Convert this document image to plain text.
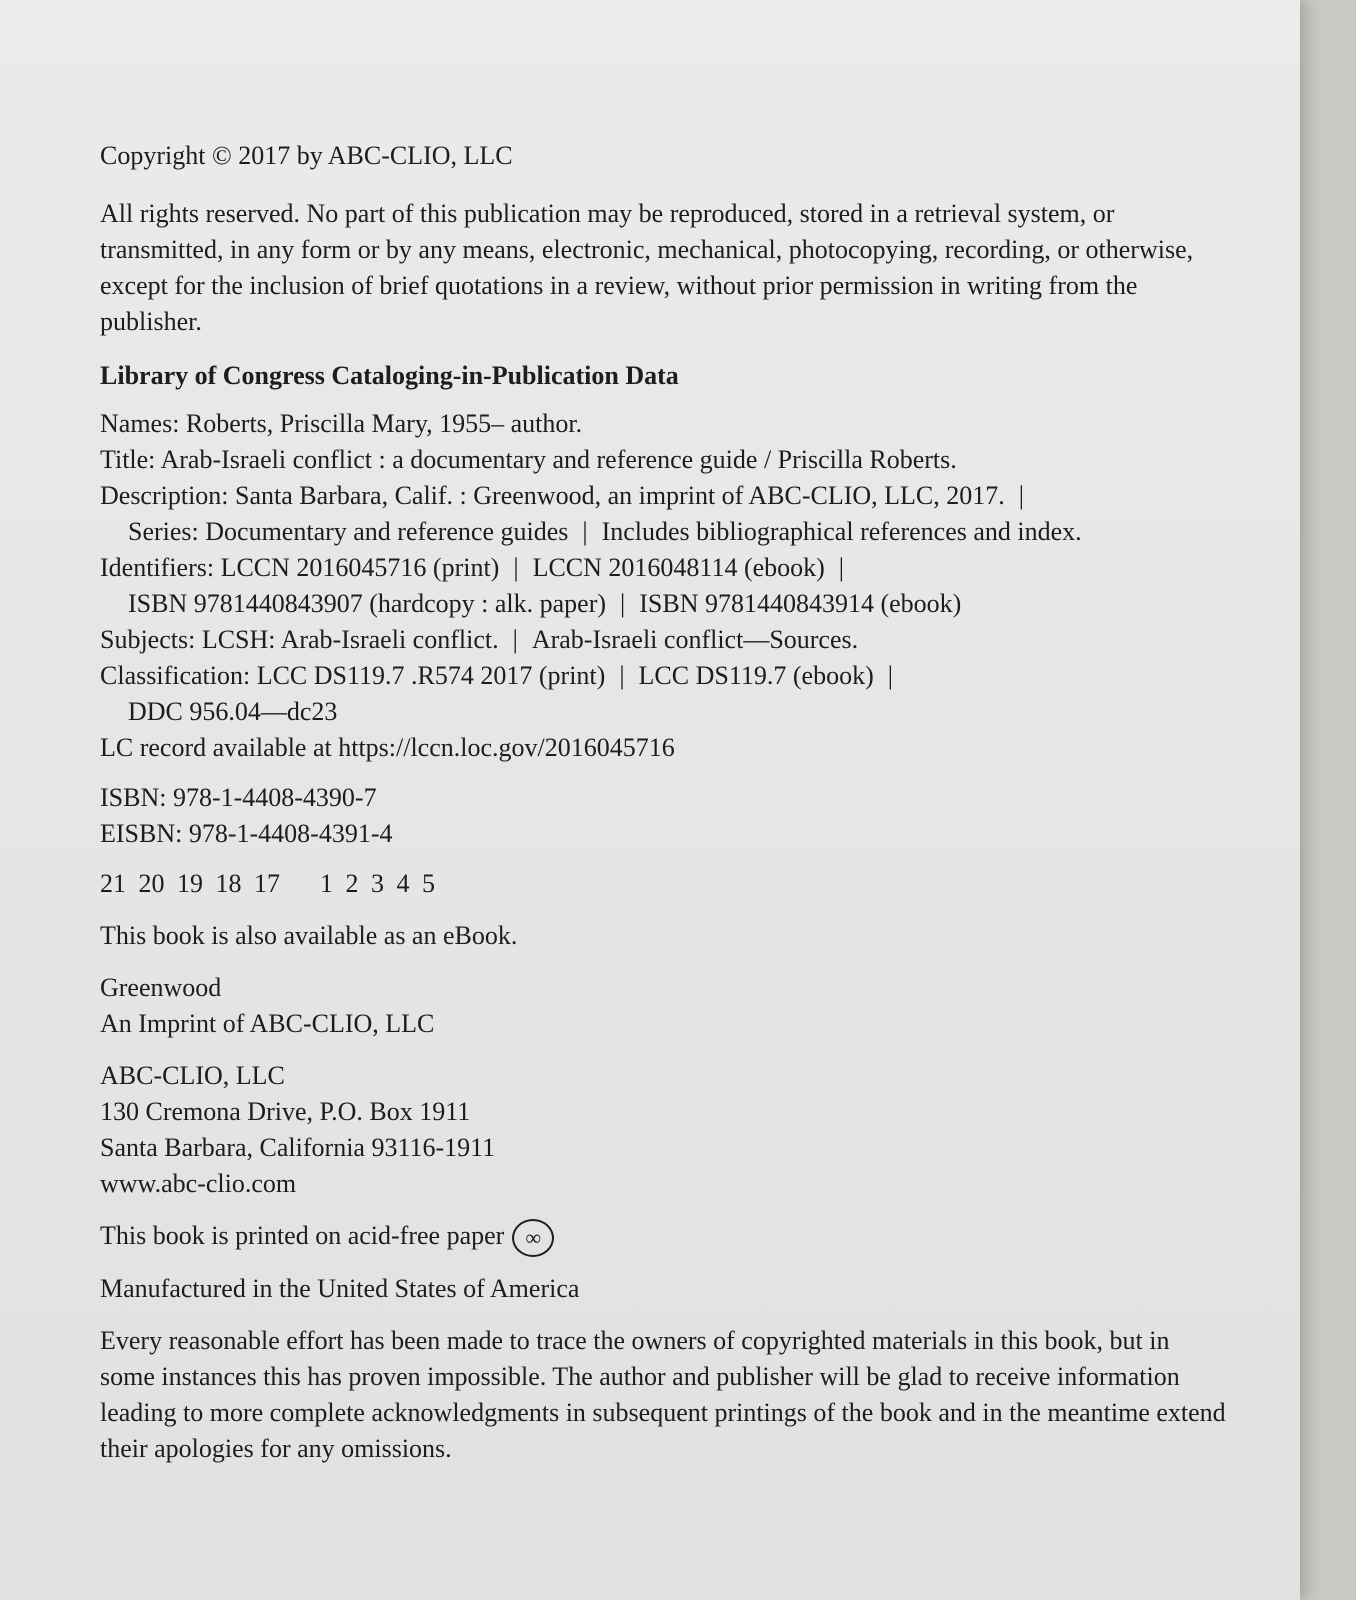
Copyright © 2017 by ABC-CLIO, LLC

All rights reserved. No part of this publication may be reproduced, stored in a retrieval system, or transmitted, in any form or by any means, electronic, mechanical, photocopying, recording, or otherwise, except for the inclusion of brief quotations in a review, without prior permission in writing from the publisher.

Library of Congress Cataloging-in-Publication Data
Names: Roberts, Priscilla Mary, 1955– author.
Title: Arab-Israeli conflict : a documentary and reference guide / Priscilla Roberts.
Description: Santa Barbara, Calif. : Greenwood, an imprint of ABC-CLIO, LLC, 2017. |
Series: Documentary and reference guides | Includes bibliographical references and index.
Identifiers: LCCN 2016045716 (print) | LCCN 2016048114 (ebook) |
ISBN 9781440843907 (hardcopy : alk. paper) | ISBN 9781440843914 (ebook)
Subjects: LCSH: Arab-Israeli conflict. | Arab-Israeli conflict—Sources.
Classification: LCC DS119.7 .R574 2017 (print) | LCC DS119.7 (ebook) |
DDC 956.04—dc23
LC record available at https://lccn.loc.gov/2016045716
ISBN: 978-1-4408-4390-7
EISBN: 978-1-4408-4391-4
21 20 19 18 17 1 2 3 4 5

This book is also available as an eBook.

Greenwood
An Imprint of ABC-CLIO, LLC
ABC-CLIO, LLC
130 Cremona Drive, P.O. Box 1911
Santa Barbara, California 93116-1911
www.abc-clio.com

This book is printed on acid-free paper ∞

Manufactured in the United States of America

Every reasonable effort has been made to trace the owners of copyrighted materials in this book, but in some instances this has proven impossible. The author and publisher will be glad to receive information leading to more complete acknowledgments in subsequent printings of the book and in the meantime extend their apologies for any omissions.
